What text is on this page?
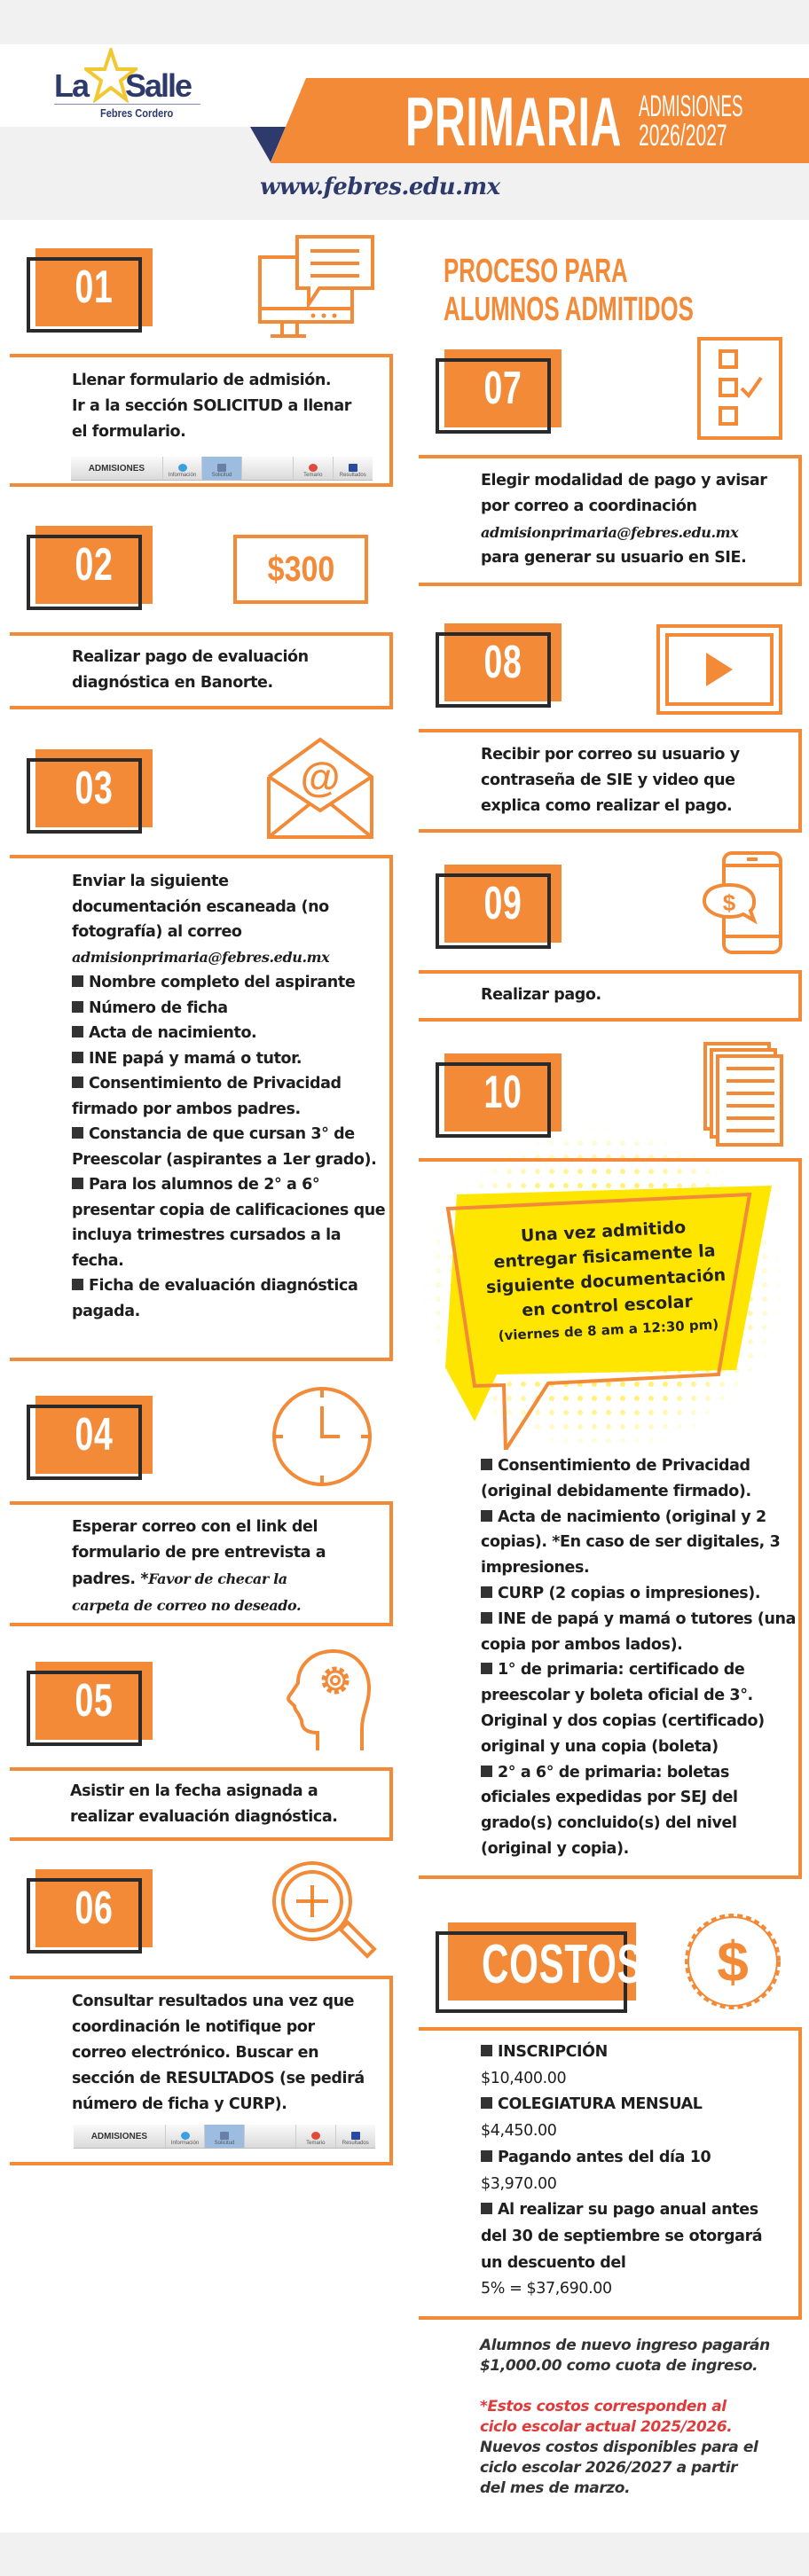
La Salle
Febres Cordero	PRIMARIA ADMISIONES
2026/2027
www.febres.edu.mx
01
Llenar formulario de admisión.
Ir a la sección SOLICITUD a llenar
el formulario.
ADMISIONES
Información	Solicitud	Temario	Resultados
02	$300
Realizar pago de evaluación
diagnóstica en Banorte.
03	@
Enviar la siguiente
documentación escaneada (no
fotografía) al correo
admisionprimaria@febres.edu.mx
Nombre completo del aspirante
Número de ficha
Acta de nacimiento.
INE papá y mamá o tutor.
Consentimiento de Privacidad firmado por ambos padres.
Constancia de que cursan 3° de Preescolar (aspirantes a 1er grado).
Para los alumnos de 2° a 6° presentar copia de calificaciones que incluya trimestres cursados a la fecha.
Ficha de evaluación diagnóstica pagada.
04
Esperar correo con el link del
formulario de pre entrevista a
padres. *Favor de checar la
carpeta de correo no deseado.
05
Asistir en la fecha asignada a
realizar evaluación diagnóstica.
06
Consultar resultados una vez que
coordinación le notifique por
correo electrónico. Buscar en
sección de RESULTADOS (se pedirá
número de ficha y CURP).
ADMISIONES
Información	Solicitud	Temario	Resultados
PROCESO PARA
ALUMNOS ADMITIDOS
07
Elegir modalidad de pago y avisar
por correo a coordinación
admisionprimaria@febres.edu.mx
para generar su usuario en SIE.
08
Recibir por correo su usuario y
contraseña de SIE y video que
explica como realizar el pago.
09	$
Realizar pago.
10
Una vez admitido
entregar fisicamente la
siguiente documentación
en control escolar
(viernes de 8 am a 12:30 pm)
Consentimiento de Privacidad (original debidamente firmado).
Acta de nacimiento (original y 2 copias). *En caso de ser digitales, 3 impresiones.
CURP (2 copias o impresiones).
INE de papá y mamá o tutores (una copia por ambos lados).
1° de primaria: certificado de preescolar y boleta oficial de 3°. Original y dos copias (certificado) original y una copia (boleta)
2° a 6° de primaria: boletas oficiales expedidas por SEJ del grado(s) concluido(s) del nivel (original y copia).
COSTOS $
INSCRIPCIÓN
$10,400.00
COLEGIATURA MENSUAL
$4,450.00
Pagando antes del día 10
$3,970.00
Al realizar su pago anual antes del 30 de septiembre se otorgará un descuento del
5% = $37,690.00
Alumnos de nuevo ingreso pagarán
$1,000.00 como cuota de ingreso.
*Estos costos corresponden al
ciclo escolar actual 2025/2026.
Nuevos costos disponibles para el
ciclo escolar 2026/2027 a partir
del mes de marzo.
